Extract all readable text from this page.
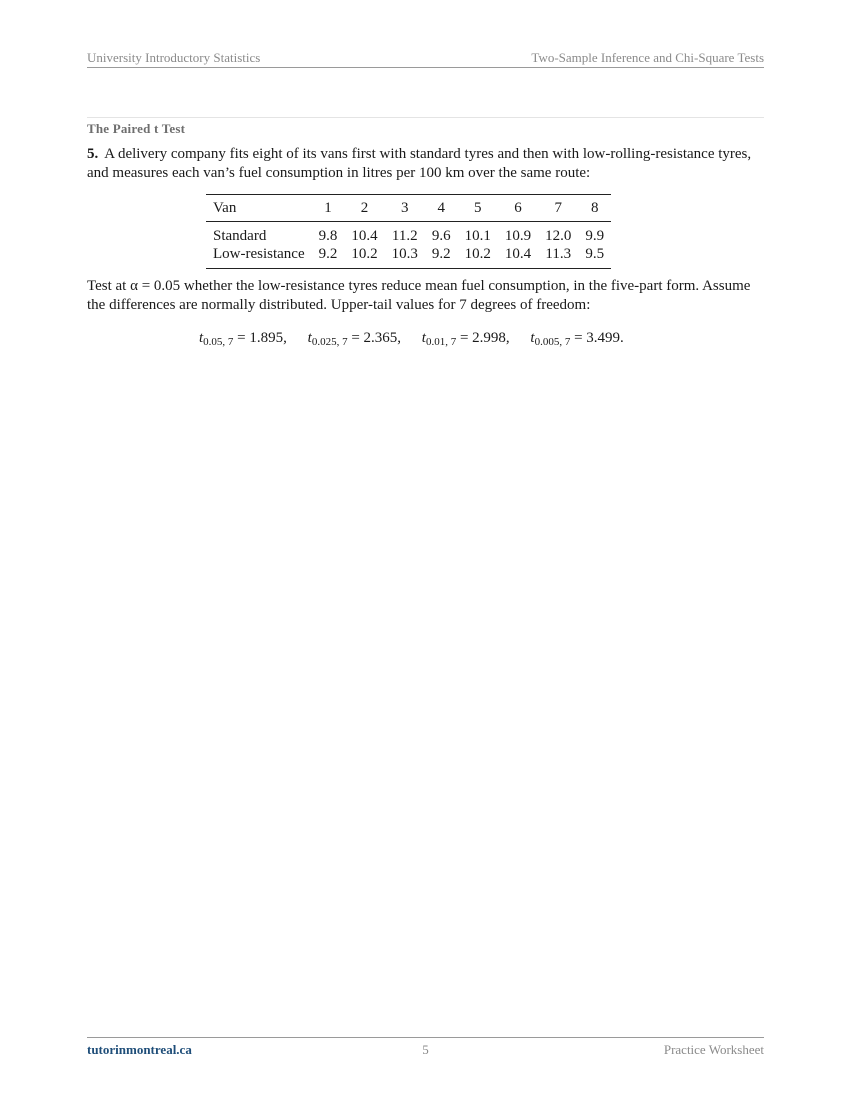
University Introductory Statistics	Two-Sample Inference and Chi-Square Tests
The Paired t Test
5. A delivery company fits eight of its vans first with standard tyres and then with low-rolling-resistance tyres, and measures each van’s fuel consumption in litres per 100 km over the same route:
Van	1	2	3	4	5	6	7	8
Standard	9.8	10.4	11.2	9.6	10.1	10.9	12.0	9.9
Low-resistance	9.2	10.2	10.3	9.2	10.2	10.4	11.3	9.5
Test at α = 0.05 whether the low-resistance tyres reduce mean fuel consumption, in the five-part form. Assume the differences are normally distributed. Upper-tail values for 7 degrees of freedom:
$t_{0.05, 7} = 1.895$, $t_{0.025, 7} = 2.365$, $t_{0.01, 7} = 2.998$, $t_{0.005, 7} = 3.499$.
5
tutorinmontreal.ca	Practice Worksheet
